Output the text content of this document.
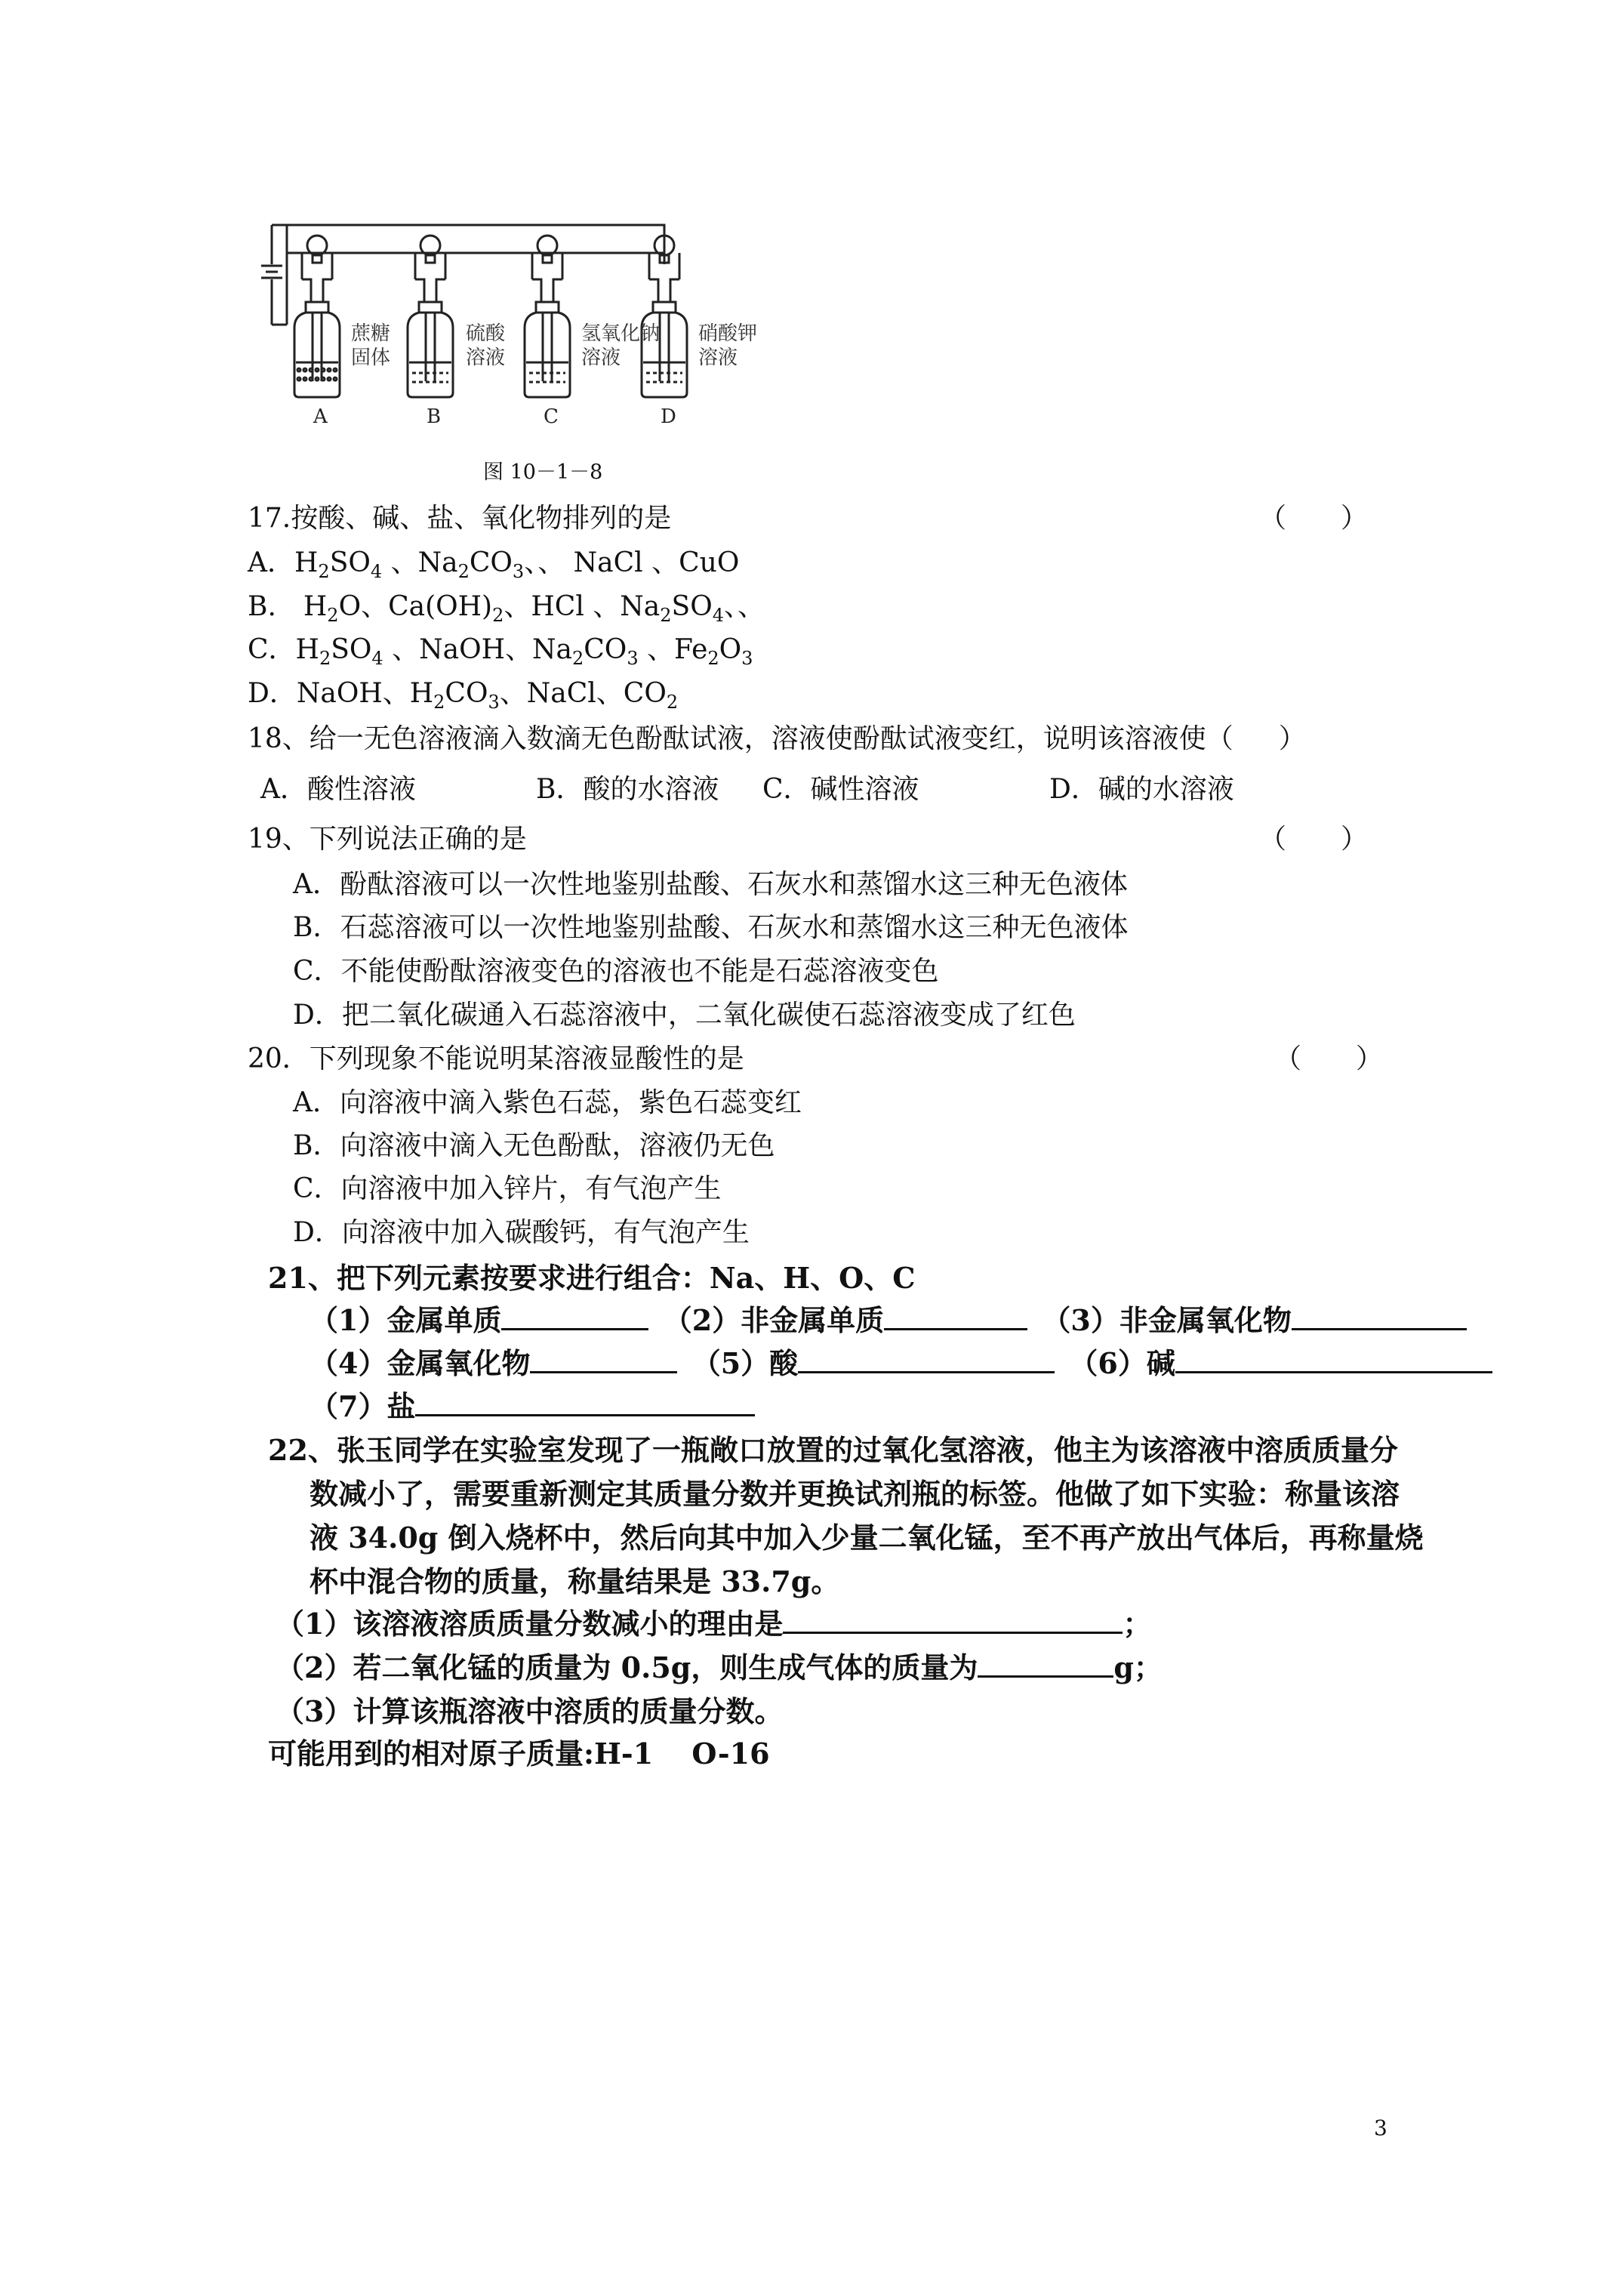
A	B	C	D
蔗糖
固体
硫酸
溶液
氢氧化钠
溶液
硝酸钾
溶液
图 10－1－8
17.按酸、碱、盐、氧化物排列的是	（　　）
A．$H_2SO_4$ 、$Na_2CO_3$、、 NaCl 、CuO
B.　$H_2O$、$Ca(OH)_2$、HCl 、$Na_2SO_4$、、
C．$H_2SO_4$ 、NaOH、$Na_2CO_3$ 、$Fe_2O_3$
D．NaOH、$H_2CO_3$、NaCl、$CO_2$
18、给一无色溶液滴入数滴无色酚酞试液，溶液使酚酞试液变红，说明该溶液使（ ）
A．酸性溶液	B．酸的水溶液 C．碱性溶液	D．碱的水溶液
19、下列说法正确的是	（　　）
A．酚酞溶液可以一次性地鉴别盐酸、石灰水和蒸馏水这三种无色液体
B．石蕊溶液可以一次性地鉴别盐酸、石灰水和蒸馏水这三种无色液体
C．不能使酚酞溶液变色的溶液也不能是石蕊溶液变色
D．把二氧化碳通入石蕊溶液中，二氧化碳使石蕊溶液变成了红色
20．下列现象不能说明某溶液显酸性的是	（　　）
A．向溶液中滴入紫色石蕊，紫色石蕊变红
B．向溶液中滴入无色酚酞，溶液仍无色
C．向溶液中加入锌片，有气泡产生
D．向溶液中加入碳酸钙，有气泡产生
21、把下列元素按要求进行组合：Na、H、O、C
（1）金属单质	（2）非金属单质	（3）非金属氧化物
（4）金属氧化物	（5）酸	（6）碱
（7）盐
22、张玉同学在实验室发现了一瓶敞口放置的过氧化氢溶液，他主为该溶液中溶质质量分
数减小了，需要重新测定其质量分数并更换试剂瓶的标签。他做了如下实验：称量该溶
液 34.0g 倒入烧杯中，然后向其中加入少量二氧化锰，至不再产放出气体后，再称量烧
杯中混合物的质量，称量结果是 33.7g。
（1）该溶液溶质质量分数减小的理由是	；
（2）若二氧化锰的质量为 0.5g，则生成气体的质量为	g；
（3）计算该瓶溶液中溶质的质量分数。
可能用到的相对原子质量:H-1　 O-16
3
